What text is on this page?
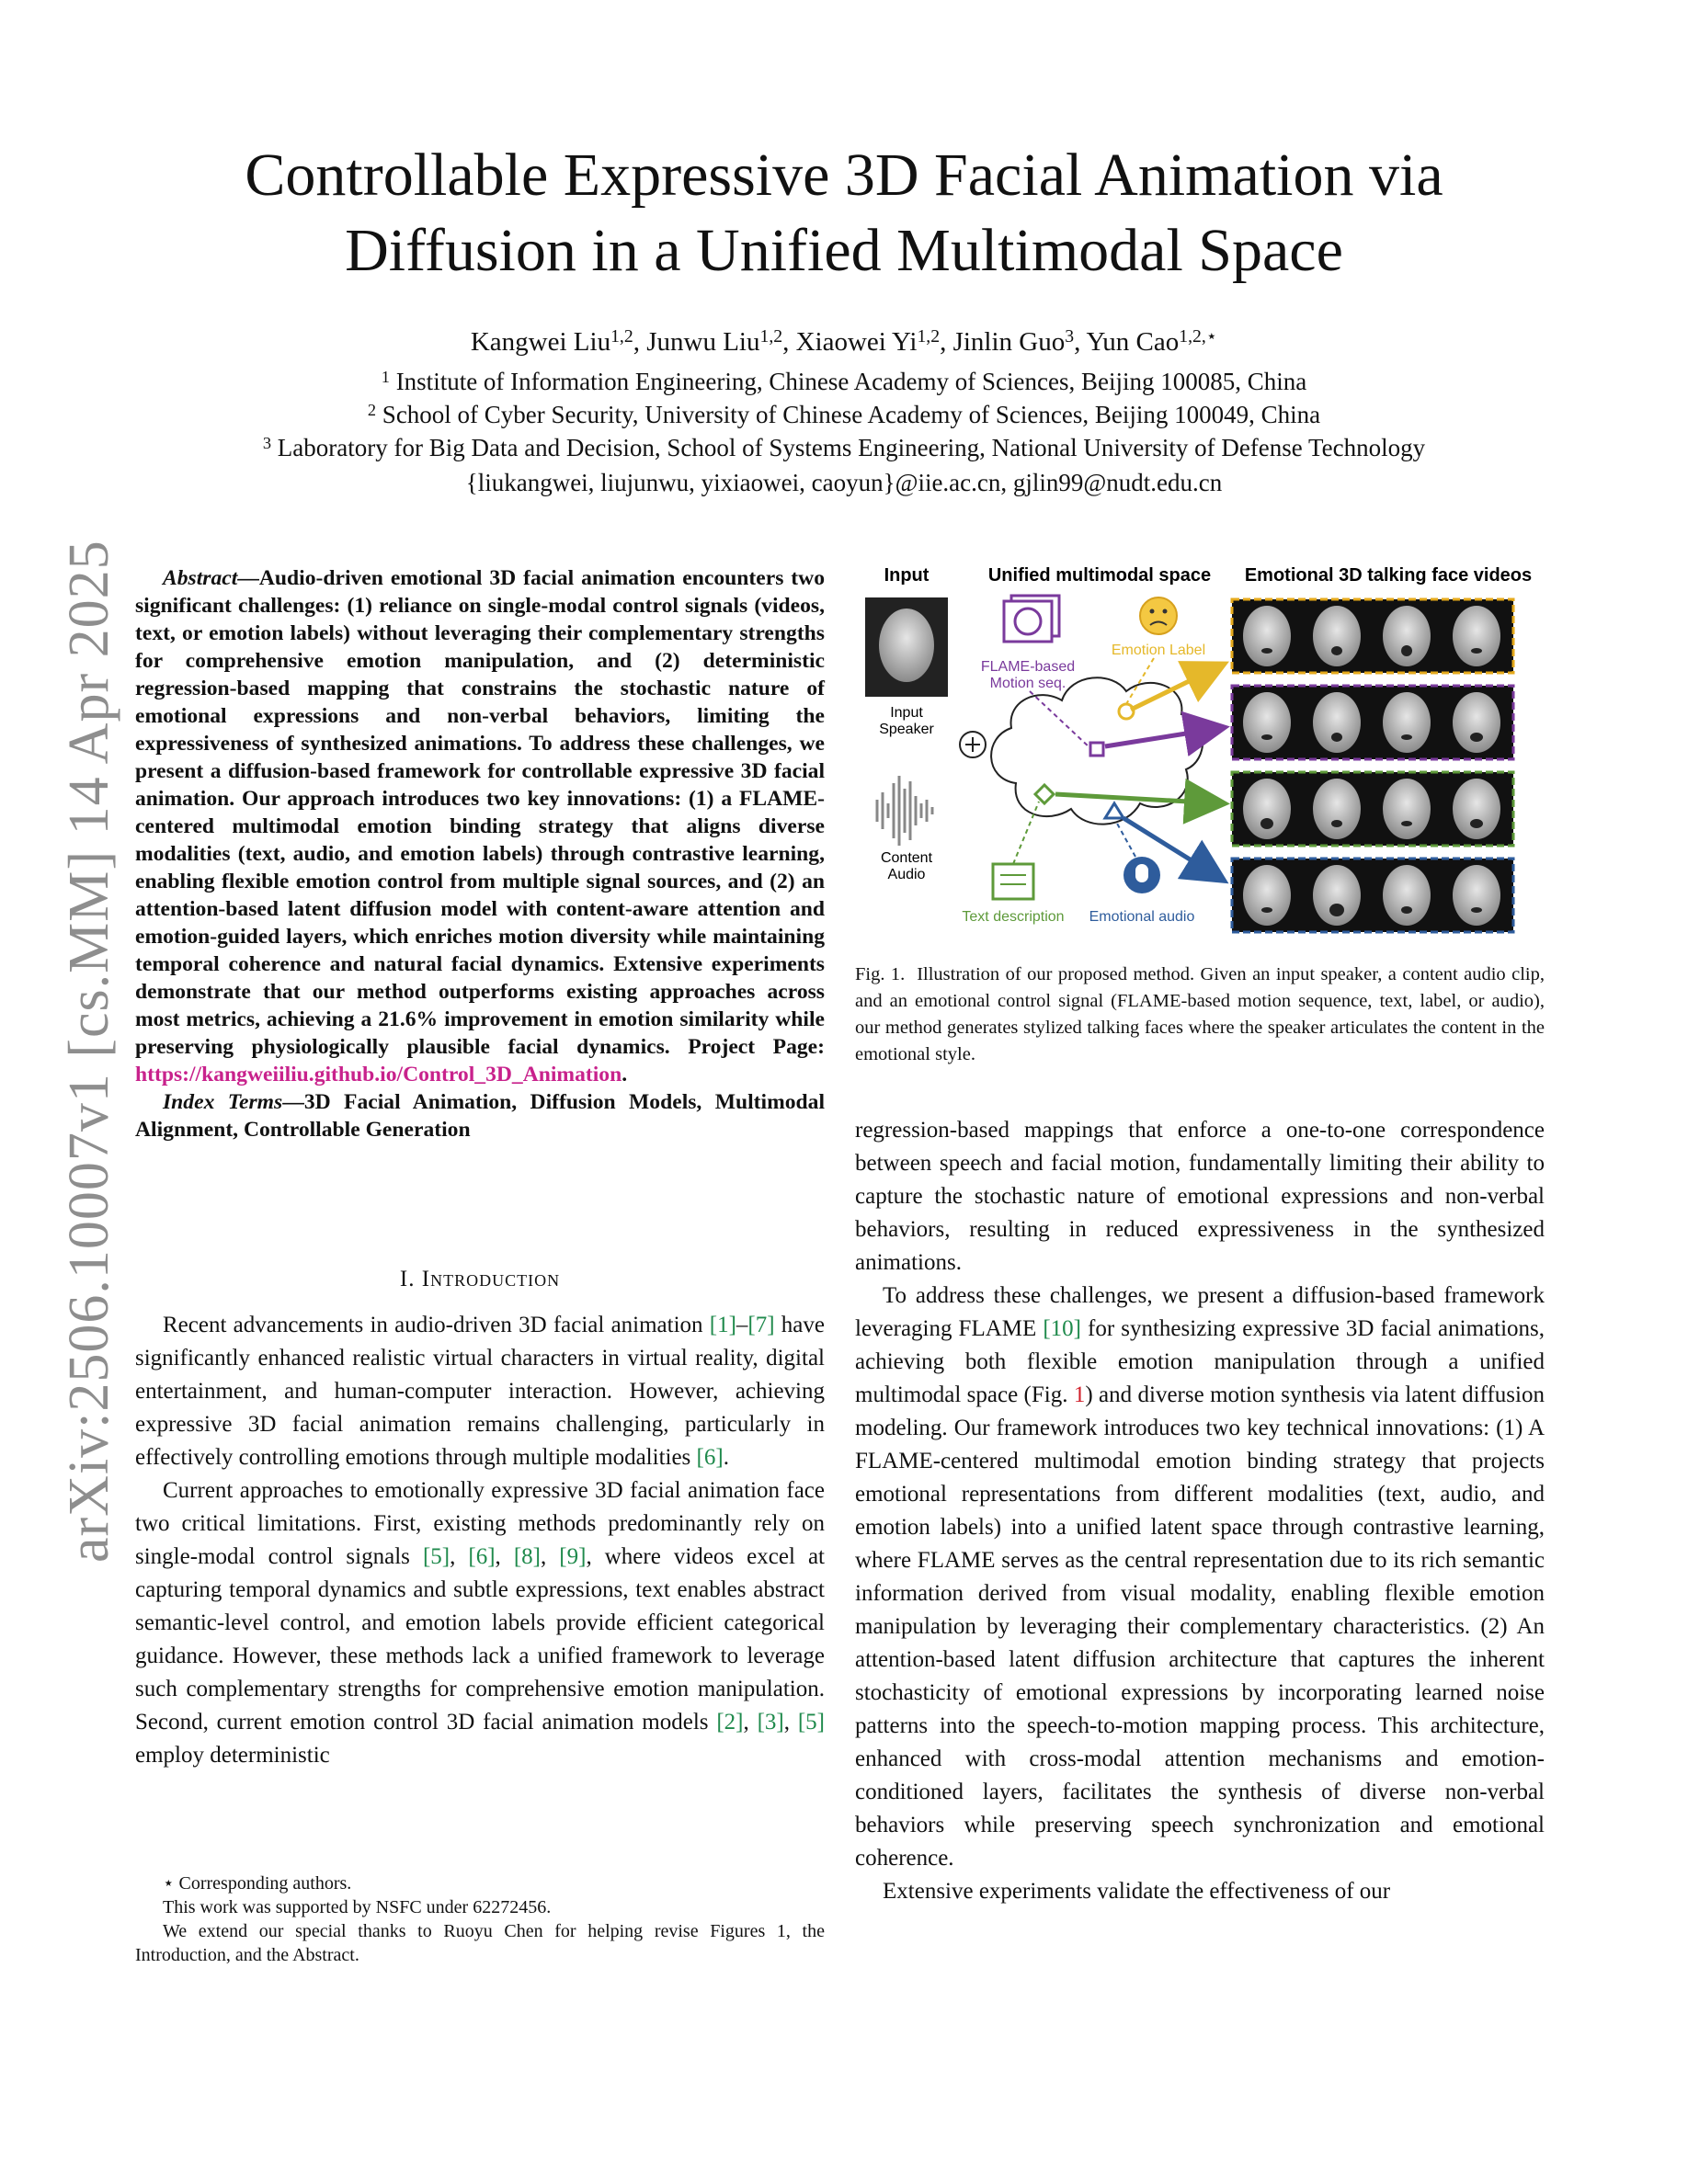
Controllable Expressive 3D Facial Animation via
Diffusion in a Unified Multimodal Space
Kangwei Liu$^{1,2}$, Junwu Liu$^{1,2}$, Xiaowei Yi$^{1,2}$, Jinlin Guo$^3$, Yun Cao$^{1,2,⋆}$
$^1$ Institute of Information Engineering, Chinese Academy of Sciences, Beijing 100085, China
$^2$ School of Cyber Security, University of Chinese Academy of Sciences, Beijing 100049, China
$^3$ Laboratory for Big Data and Decision, School of Systems Engineering, National University of Defense Technology
{liukangwei, liujunwu, yixiaowei, caoyun}@iie.ac.cn, gjlin99@nudt.edu.cn
arXiv:2506.10007v1 [cs.MM] 14 Apr 2025	Abstract—Audio-driven emotional 3D facial animation encounters two significant challenges: (1) reliance on single-modal control signals (videos, text, or emotion labels) without leveraging their complementary strengths for comprehensive emotion manipulation, and (2) deterministic regression-based mapping that constrains the stochastic nature of emotional expressions and non-verbal behaviors, limiting the expressiveness of synthesized animations. To address these challenges, we present a diffusion-based framework for controllable expressive 3D facial animation. Our approach introduces two key innovations: (1) a FLAME-centered multimodal emotion binding strategy that aligns diverse modalities (text, audio, and emotion labels) through contrastive learning, enabling flexible emotion control from multiple signal sources, and (2) an attention-based latent diffusion model with content-aware attention and emotion-guided layers, which enriches motion diversity while maintaining temporal coherence and natural facial dynamics. Extensive experiments demonstrate that our method outperforms existing approaches across most metrics, achieving a 21.6% improvement in emotion similarity while preserving physiologically plausible facial dynamics. Project Page: https://kangweiiliu.github.io/Control_3D_Animation.

Index Terms—3D Facial Animation, Diffusion Models, Multimodal Alignment, Controllable Generation

I. Introduction

Recent advancements in audio-driven 3D facial animation [1]–[7] have significantly enhanced realistic virtual characters in virtual reality, digital entertainment, and human-computer interaction. However, achieving expressive 3D facial animation remains challenging, particularly in effectively controlling emotions through multiple modalities [6].

Current approaches to emotionally expressive 3D facial animation face two critical limitations. First, existing methods predominantly rely on single-modal control signals [5], [6], [8], [9], where videos excel at capturing temporal dynamics and subtle expressions, text enables abstract semantic-level control, and emotion labels provide efficient categorical guidance. However, these methods lack a unified framework to leverage such complementary strengths for comprehensive emotion manipulation. Second, current emotion control 3D facial animation models [2], [3], [5] employ deterministic

⋆ Corresponding authors.
This work was supported by NSFC under 62272456.
We extend our special thanks to Ruoyu Chen for helping revise Figures 1, the Introduction, and the Abstract.
Input	Unified multimodal space Emotional 3D talking face videos
Input
Speaker
Content
Audio
FLAME-based
Motion seq.
Emotion Label
Text description Emotional audio
Fig. 1. Illustration of our proposed method. Given an input speaker, a content audio clip, and an emotional control signal (FLAME-based motion sequence, text, label, or audio), our method generates stylized talking faces where the speaker articulates the content in the emotional style.

regression-based mappings that enforce a one-to-one correspondence between speech and facial motion, fundamentally limiting their ability to capture the stochastic nature of emotional expressions and non-verbal behaviors, resulting in reduced expressiveness in the synthesized animations.

To address these challenges, we present a diffusion-based framework leveraging FLAME [10] for synthesizing expressive 3D facial animations, achieving both flexible emotion manipulation through a unified multimodal space (Fig. 1) and diverse motion synthesis via latent diffusion modeling. Our framework introduces two key technical innovations: (1) A FLAME-centered multimodal emotion binding strategy that projects emotional representations from different modalities (text, audio, and emotion labels) into a unified latent space through contrastive learning, where FLAME serves as the central representation due to its rich semantic information derived from visual modality, enabling flexible emotion manipulation by leveraging their complementary characteristics. (2) An attention-based latent diffusion architecture that captures the inherent stochasticity of emotional expressions by incorporating learned noise patterns into the speech-to-motion mapping process. This architecture, enhanced with cross-modal attention mechanisms and emotion-conditioned layers, facilitates the synthesis of diverse non-verbal behaviors while preserving speech synchronization and emotional coherence.

Extensive experiments validate the effectiveness of our
